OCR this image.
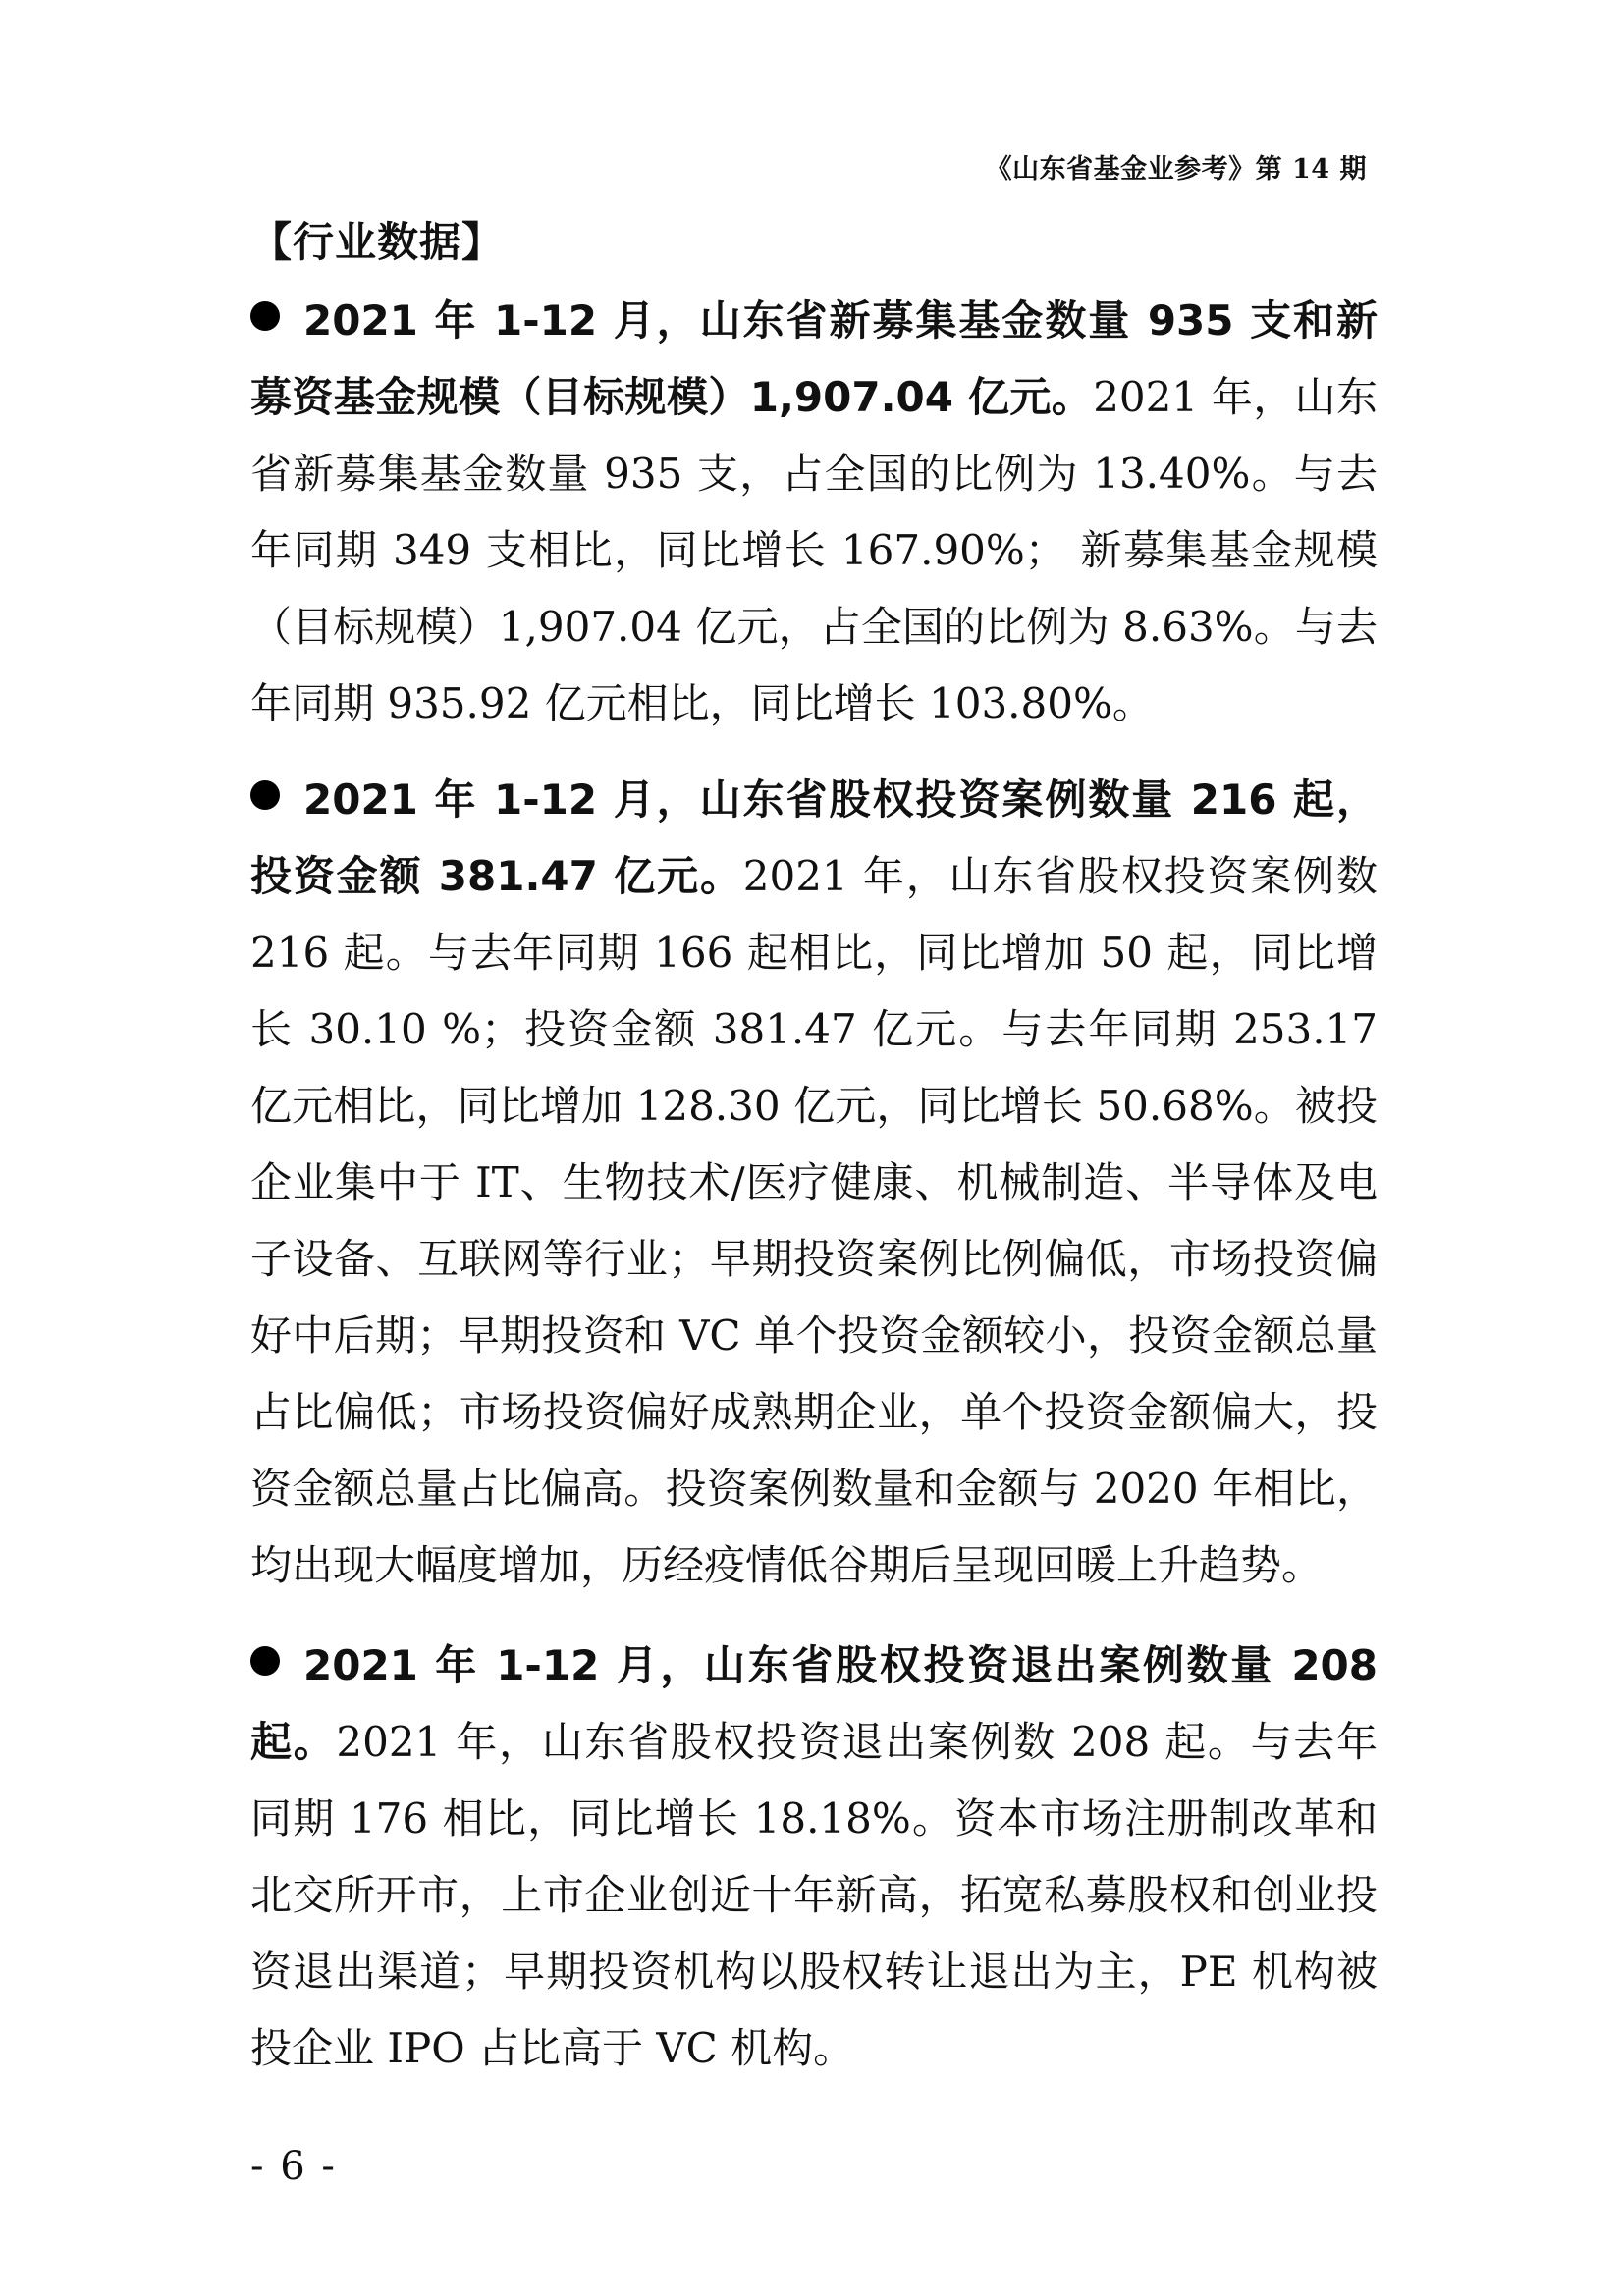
《山东省基金业参考》第 14 期
【行业数据】

2021 年 1-12 月，山东省新募集基金数量 935 支和新募资基金规模（目标规模）1,907.04 亿元。2021 年，山东省新募集基金数量 935 支，占全国的比例为 13.40%。与去年同期 349 支相比，同比增长 167.90%； 新募集基金规模（目标规模）1,907.04 亿元，占全国的比例为 8.63%。与去年同期 935.92 亿元相比，同比增长 103.80%。

2021 年 1-12 月，山东省股权投资案例数量 216 起，投资金额 381.47 亿元。2021 年，山东省股权投资案例数 216 起。与去年同期 166 起相比，同比增加 50 起，同比增长 30.10 %；投资金额 381.47 亿元。与去年同期 253.17 亿元相比，同比增加 128.30 亿元，同比增长 50.68%。被投企业集中于 IT、生物技术/医疗健康、机械制造、半导体及电子设备、互联网等行业；早期投资案例比例偏低，市场投资偏好中后期；早期投资和 VC 单个投资金额较小，投资金额总量占比偏低；市场投资偏好成熟期企业，单个投资金额偏大，投资金额总量占比偏高。投资案例数量和金额与 2020 年相比，均出现大幅度增加，历经疫情低谷期后呈现回暖上升趋势。

2021 年 1-12 月，山东省股权投资退出案例数量 208 起。2021 年，山东省股权投资退出案例数 208 起。与去年同期 176 相比，同比增长 18.18%。资本市场注册制改革和北交所开市，上市企业创近十年新高，拓宽私募股权和创业投资退出渠道；早期投资机构以股权转让退出为主，PE 机构被投企业 IPO 占比高于 VC 机构。

- 6 -
